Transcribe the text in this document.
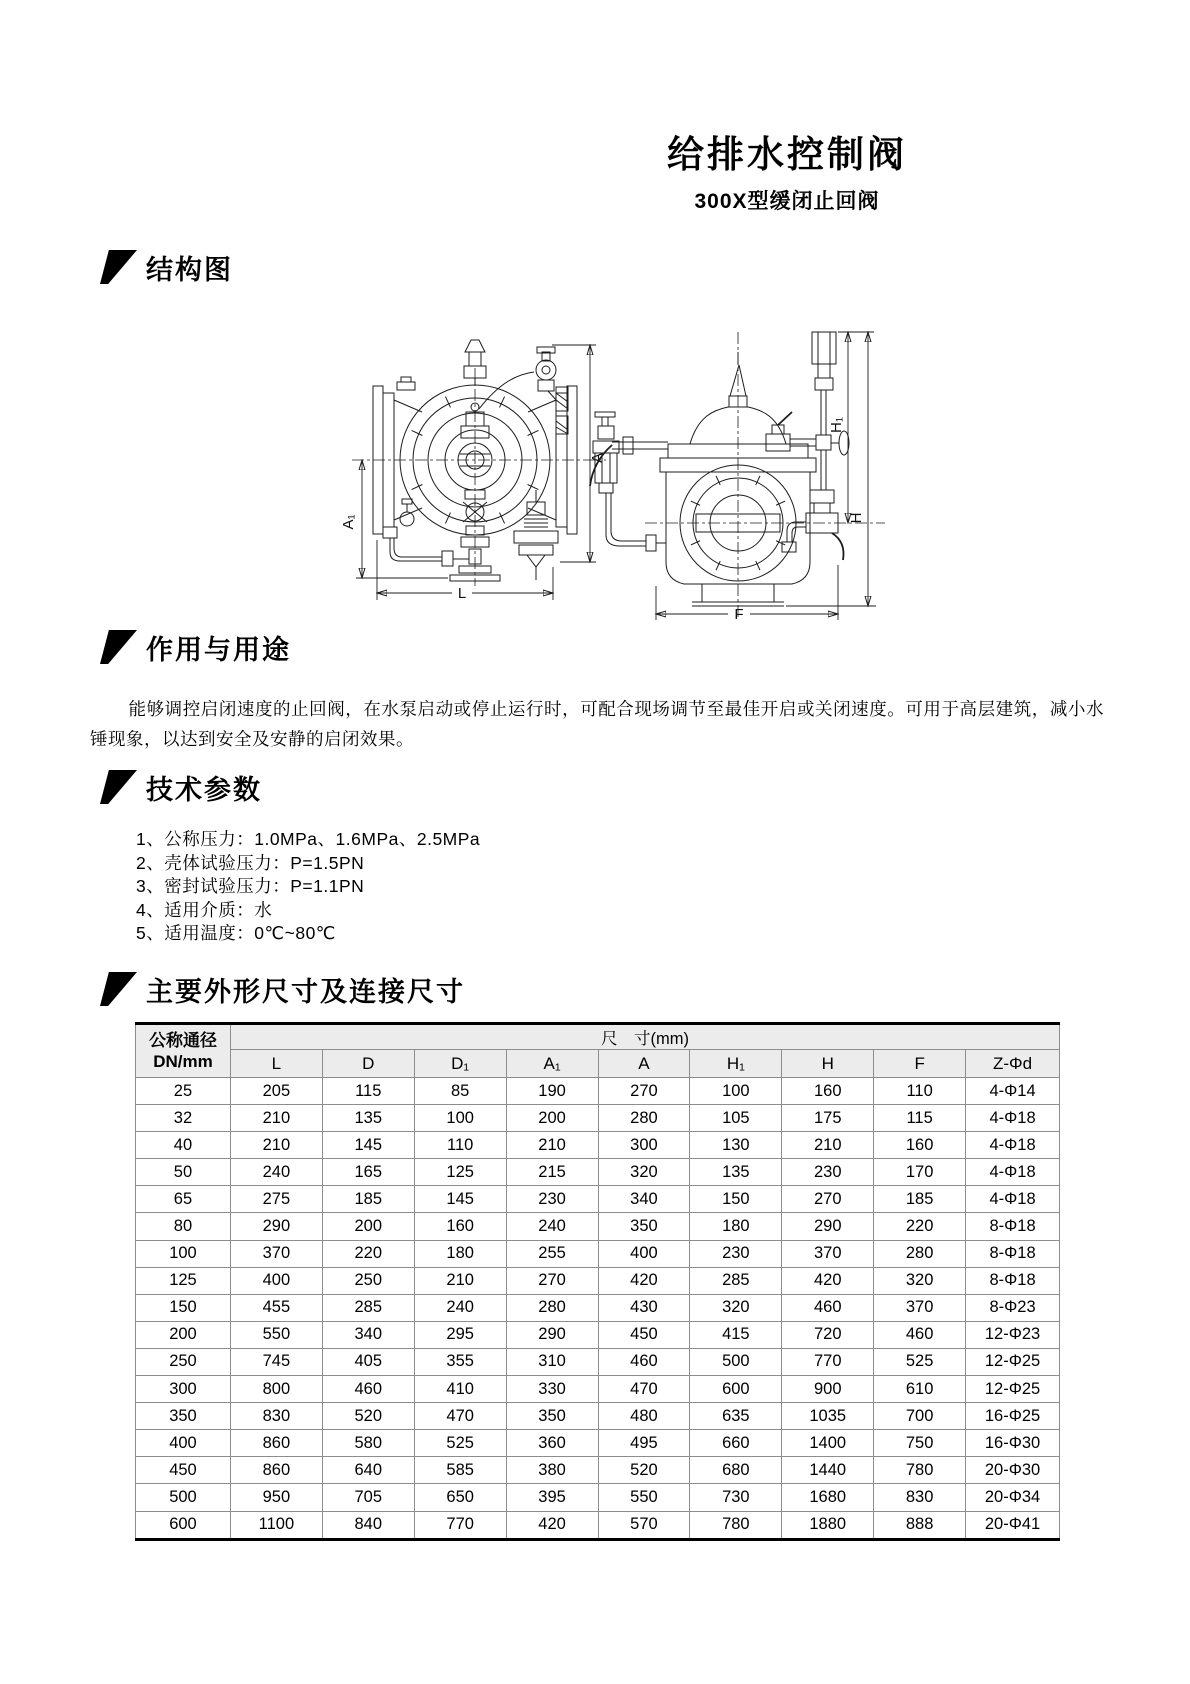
给排水控制阀
300X型缓闭止回阀
结构图
A₁
A
L
H₁
H
F
作用与用途

能够调控启闭速度的止回阀，在水泵启动或停止运行时，可配合现场调节至最佳开启或关闭速度。可用于高层建筑，减小水锤现象，以达到安全及安静的启闭效果。

技术参数
1、公称压力：1.0MPa、1.6MPa、2.5MPa
2、壳体试验压力：P=1.5PN
3、密封试验压力：P=1.1PN
4、适用介质：水
5、适用温度：0℃~80℃
主要外形尺寸及连接尺寸
公称通径
DN/mm	尺　寸(mm)								
	L	D	D₁	A₁	A	H₁	H	F	Z-Φd
25	205	115	85	190	270	100	160	110	4-Φ14
32	210	135	100	200	280	105	175	115	4-Φ18
40	210	145	110	210	300	130	210	160	4-Φ18
50	240	165	125	215	320	135	230	170	4-Φ18
65	275	185	145	230	340	150	270	185	4-Φ18
80	290	200	160	240	350	180	290	220	8-Φ18
100	370	220	180	255	400	230	370	280	8-Φ18
125	400	250	210	270	420	285	420	320	8-Φ18
150	455	285	240	280	430	320	460	370	8-Φ23
200	550	340	295	290	450	415	720	460	12-Φ23
250	745	405	355	310	460	500	770	525	12-Φ25
300	800	460	410	330	470	600	900	610	12-Φ25
350	830	520	470	350	480	635	1035	700	16-Φ25
400	860	580	525	360	495	660	1400	750	16-Φ30
450	860	640	585	380	520	680	1440	780	20-Φ30
500	950	705	650	395	550	730	1680	830	20-Φ34
600	1100	840	770	420	570	780	1880	888	20-Φ41
